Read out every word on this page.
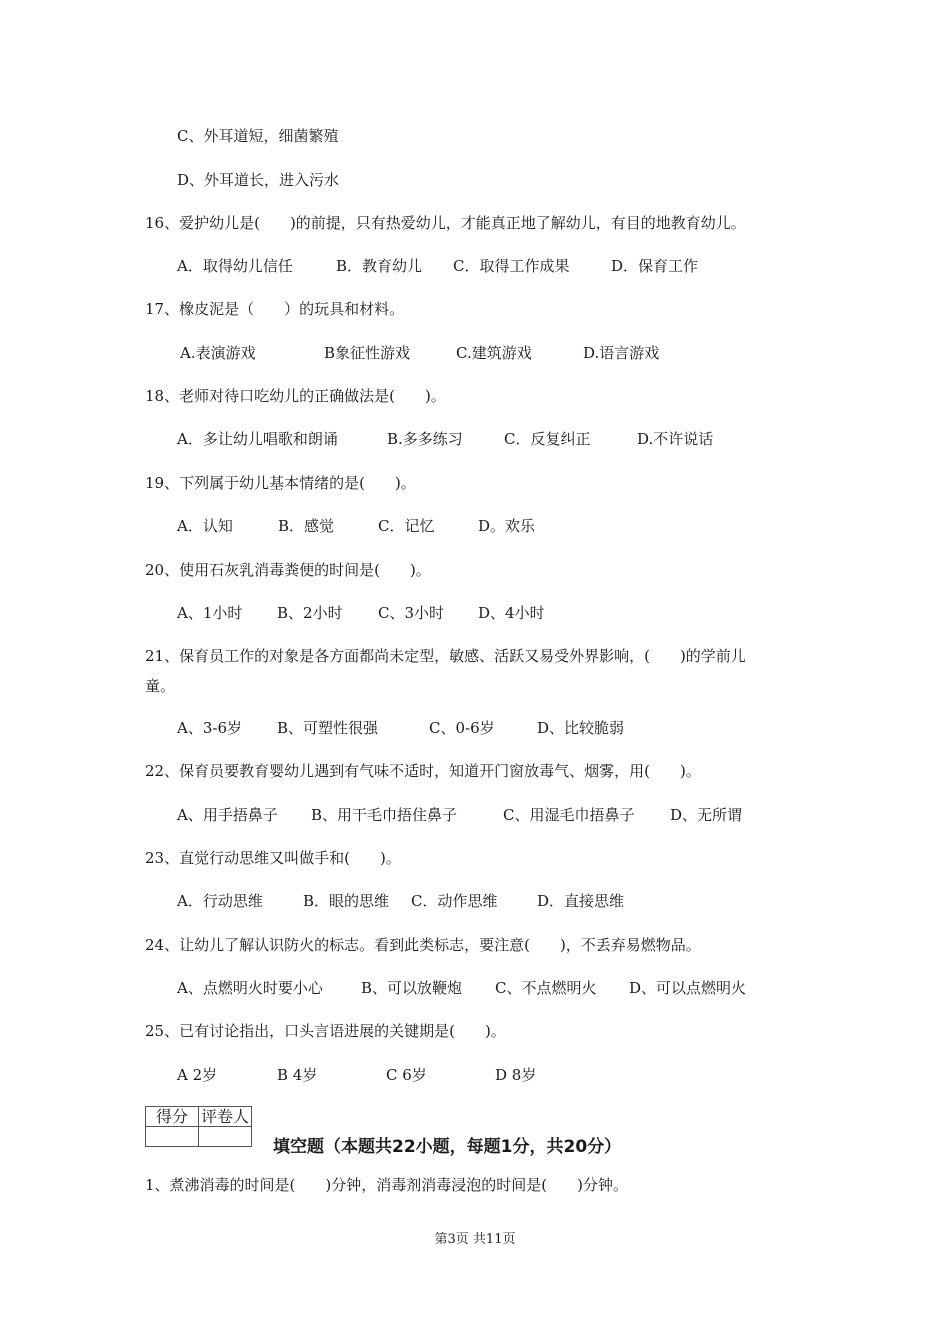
C、外耳道短，细菌繁殖
D、外耳道长，进入污水
16、爱护幼儿是(　　)的前提，只有热爱幼儿，才能真正地了解幼儿，有目的地教育幼儿。
A．取得幼儿信任	B．教育幼儿 C．取得工作成果	D．保育工作
17、橡皮泥是（　　）的玩具和材料。
A.表演游戏	B象征性游戏	C.建筑游戏	D.语言游戏
18、老师对待口吃幼儿的正确做法是(　　)。
A．多让幼儿唱歌和朗诵	B.多多练习	C．反复纠正	D.不许说话
19、下列属于幼儿基本情绪的是(　　)。
A．认知	B．感觉	C．记忆	D。欢乐
20、使用石灰乳消毒粪便的时间是(　　)。
A、1小时 B、2小时 C、3小时 D、4小时
21、保育员工作的对象是各方面都尚未定型，敏感、活跃又易受外界影响，(　　)的学前儿
童。
A、3-6岁 B、可塑性很强	C、0-6岁	D、比较脆弱
22、保育员要教育婴幼儿遇到有气味不适时，知道开门窗放毒气、烟雾，用(　　)。
A、用手捂鼻子 B、用干毛巾捂住鼻子	C、用湿毛巾捂鼻子 D、无所谓
23、直觉行动思维又叫做手和(　　)。
A．行动思维	B．眼的思维 C．动作思维	D．直接思维
24、让幼儿了解认识防火的标志。看到此类标志，要注意(　　)，不丢弃易燃物品。
A、点燃明火时要小心	B、可以放鞭炮 C、不点燃明火 D、可以点燃明火
25、已有讨论指出，口头言语进展的关键期是(　　)。
A 2岁	B 4岁	C 6岁	D 8岁
得分	评卷人

填空题（本题共22小题，每题1分，共20分）
1、煮沸消毒的时间是(　　)分钟，消毒剂消毒浸泡的时间是(　　)分钟。
第3页 共11页
